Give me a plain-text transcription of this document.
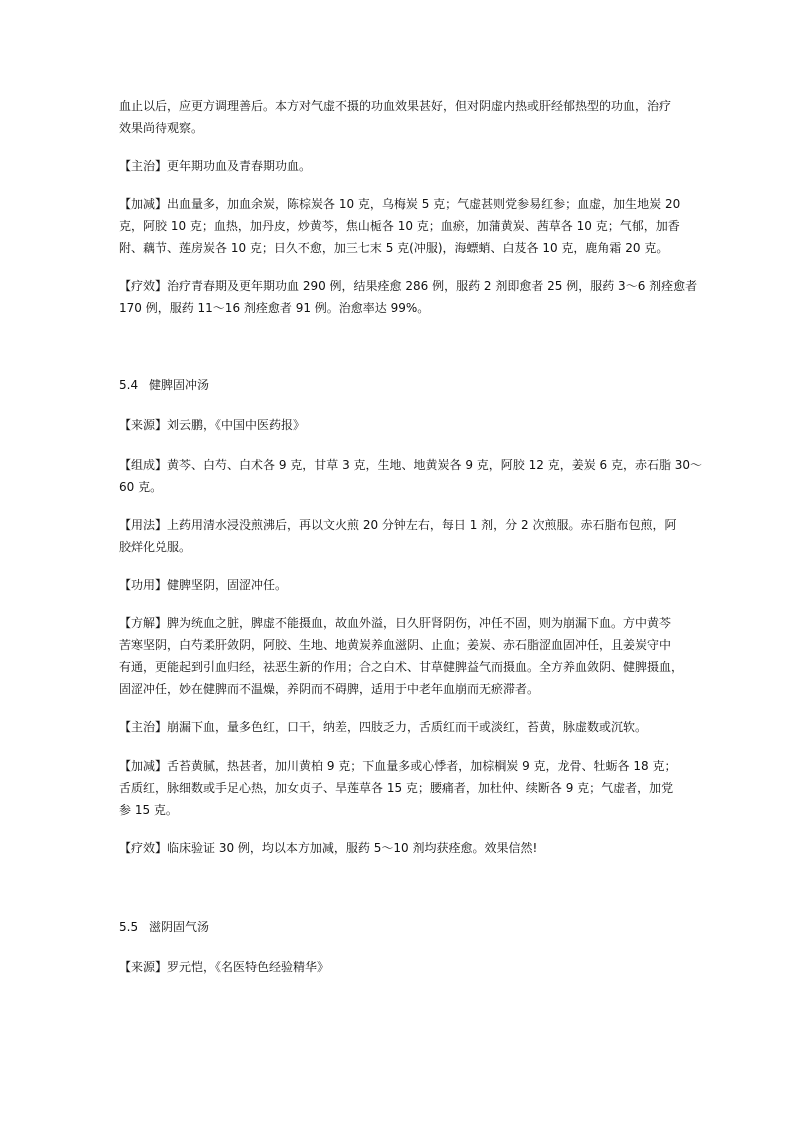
血止以后，应更方调理善后。本方对气虚不摄的功血效果甚好，但对阴虚内热或肝经郁热型的功血，治疗
效果尚待观察。

【主治】更年期功血及青春期功血。

【加减】出血量多，加血余炭，陈棕炭各 10 克，乌梅炭 5 克；气虚甚则党参易红参；血虚，加生地炭 20
克，阿胶 10 克；血热，加丹皮，炒黄芩，焦山栀各 10 克；血瘀，加蒲黄炭、茜草各 10 克；气郁，加香
附、藕节、莲房炭各 10 克；日久不愈，加三七末 5 克(冲服)，海螵蛸、白芨各 10 克，鹿角霜 20 克。

【疗效】治疗青春期及更年期功血 290 例，结果痊愈 286 例，服药 2 剂即愈者 25 例，服药 3～6 剂痊愈者
170 例，服药 11～16 剂痊愈者 91 例。治愈率达 99%。

5.4 健脾固冲汤

【来源】刘云鹏，《中国中医药报》

【组成】黄芩、白芍、白术各 9 克，甘草 3 克，生地、地黄炭各 9 克，阿胶 12 克，姜炭 6 克，赤石脂 30～
60 克。

【用法】上药用清水浸没煎沸后，再以文火煎 20 分钟左右，每日 1 剂，分 2 次煎服。赤石脂布包煎，阿
胶烊化兑服。

【功用】健脾坚阴，固涩冲任。

【方解】脾为统血之脏，脾虚不能摄血，故血外溢，日久肝肾阴伤，冲任不固，则为崩漏下血。方中黄芩
苦寒坚阴，白芍柔肝敛阴，阿胶、生地、地黄炭养血滋阴、止血；姜炭、赤石脂涩血固冲任，且姜炭守中
有通，更能起到引血归经，祛恶生新的作用；合之白术、甘草健脾益气而摄血。全方养血敛阴、健脾摄血，
固涩冲任，妙在健脾而不温燥，养阴而不碍脾，适用于中老年血崩而无瘀滞者。

【主治】崩漏下血，量多色红，口干，纳差，四肢乏力，舌质红而干或淡红，苔黄，脉虚数或沉软。

【加减】舌苔黄腻，热甚者，加川黄柏 9 克；下血量多或心悸者，加棕榈炭 9 克，龙骨、牡蛎各 18 克；
舌质红，脉细数或手足心热，加女贞子、旱莲草各 15 克；腰痛者，加杜仲、续断各 9 克；气虚者，加党
参 15 克。

【疗效】临床验证 30 例，均以本方加减，服药 5～10 剂均获痊愈。效果信然!

5.5 滋阴固气汤

【来源】罗元恺，《名医特色经验精华》
